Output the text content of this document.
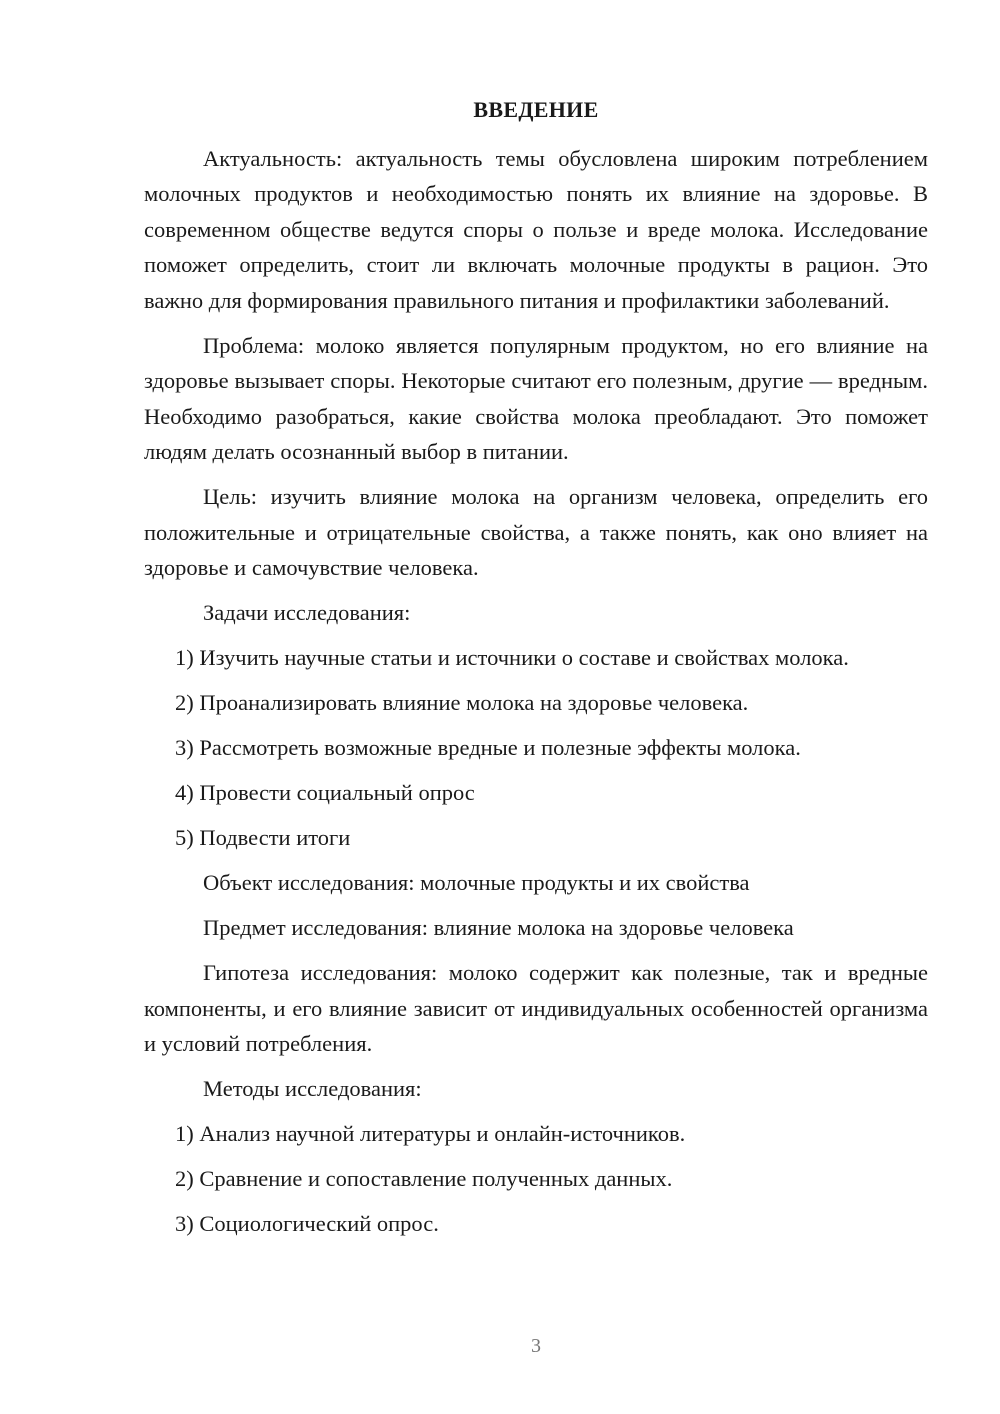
ВВЕДЕНИЕ

Актуальность: актуальность темы обусловлена широким потреблением молочных продуктов и необходимостью понять их влияние на здоровье. В современном обществе ведутся споры о пользе и вреде молока. Исследование поможет определить, стоит ли включать молочные продукты в рацион. Это важно для формирования правильного питания и профилактики заболеваний.

Проблема: молоко является популярным продуктом, но его влияние на здоровье вызывает споры. Некоторые считают его полезным, другие — вредным. Необходимо разобраться, какие свойства молока преобладают. Это поможет людям делать осознанный выбор в питании.

Цель: изучить влияние молока на организм человека, определить его положительные и отрицательные свойства, а также понять, как оно влияет на здоровье и самочувствие человека.

Задачи исследования:
1) Изучить научные статьи и источники о составе и свойствах молока.
2) Проанализировать влияние молока на здоровье человека.
3) Рассмотреть возможные вредные и полезные эффекты молока.
4) Провести социальный опрос
5) Подвести итоги
Объект исследования: молочные продукты и их свойства
Предмет исследования: влияние молока на здоровье человека

Гипотеза исследования: молоко содержит как полезные, так и вредные компоненты, и его влияние зависит от индивидуальных особенностей организма и условий потребления.

Методы исследования:
1) Анализ научной литературы и онлайн-источников.
2) Сравнение и сопоставление полученных данных.
3) Социологический опрос.
3
